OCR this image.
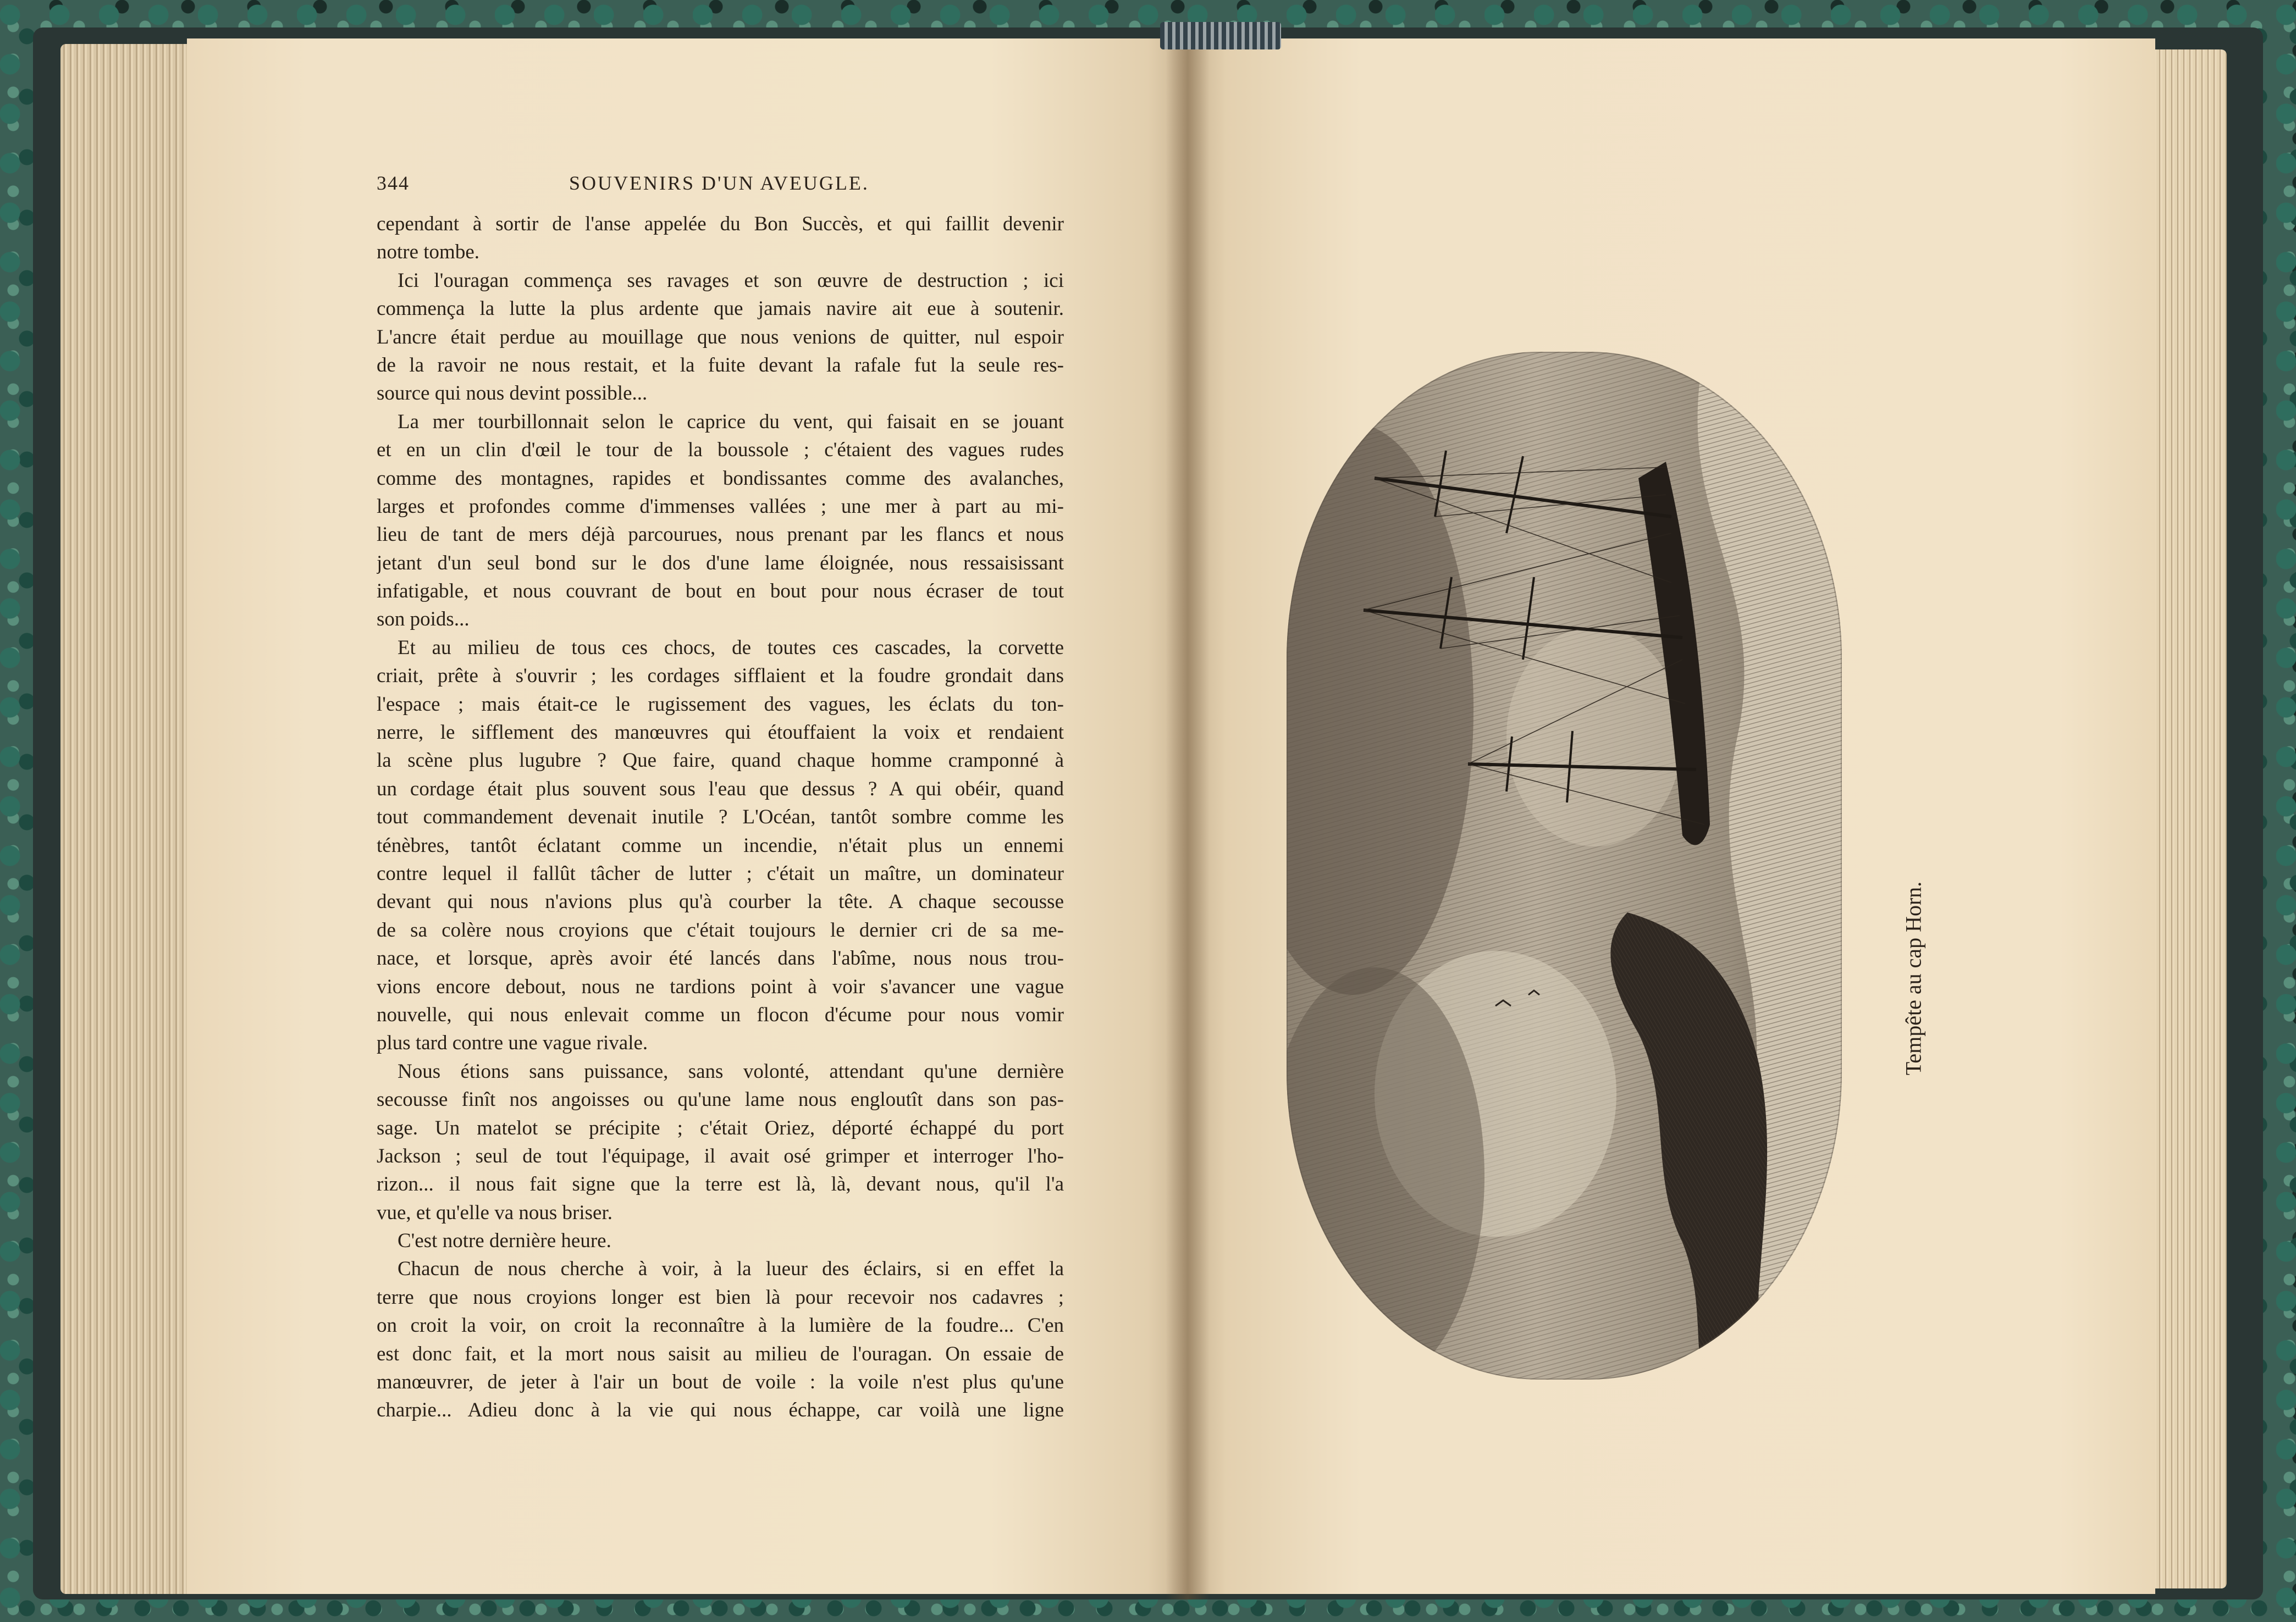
344	SOUVENIRS D'UN AVEUGLE.
cependant à sortir de l'anse appelée du Bon Succès, et qui faillit devenir
notre tombe.
Ici l'ouragan commença ses ravages et son œuvre de destruction ; ici
commença la lutte la plus ardente que jamais navire ait eue à soutenir.
L'ancre était perdue au mouillage que nous venions de quitter, nul espoir
de la ravoir ne nous restait, et la fuite devant la rafale fut la seule res-
source qui nous devint possible...
La mer tourbillonnait selon le caprice du vent, qui faisait en se jouant
et en un clin d'œil le tour de la boussole ; c'étaient des vagues rudes
comme des montagnes, rapides et bondissantes comme des avalanches,
larges et profondes comme d'immenses vallées ; une mer à part au mi-
lieu de tant de mers déjà parcourues, nous prenant par les flancs et nous
jetant d'un seul bond sur le dos d'une lame éloignée, nous ressaisissant
infatigable, et nous couvrant de bout en bout pour nous écraser de tout
son poids...
Et au milieu de tous ces chocs, de toutes ces cascades, la corvette
criait, prête à s'ouvrir ; les cordages sifflaient et la foudre grondait dans
l'espace ; mais était-ce le rugissement des vagues, les éclats du ton-
nerre, le sifflement des manœuvres qui étouffaient la voix et rendaient
la scène plus lugubre ? Que faire, quand chaque homme cramponné à
un cordage était plus souvent sous l'eau que dessus ? A qui obéir, quand
tout commandement devenait inutile ? L'Océan, tantôt sombre comme les
ténèbres, tantôt éclatant comme un incendie, n'était plus un ennemi
contre lequel il fallût tâcher de lutter ; c'était un maître, un dominateur
devant qui nous n'avions plus qu'à courber la tête. A chaque secousse
de sa colère nous croyions que c'était toujours le dernier cri de sa me-
nace, et lorsque, après avoir été lancés dans l'abîme, nous nous trou-
vions encore debout, nous ne tardions point à voir s'avancer une vague
nouvelle, qui nous enlevait comme un flocon d'écume pour nous vomir
plus tard contre une vague rivale.
Nous étions sans puissance, sans volonté, attendant qu'une dernière
secousse finît nos angoisses ou qu'une lame nous engloutît dans son pas-
sage. Un matelot se précipite ; c'était Oriez, déporté échappé du port
Jackson ; seul de tout l'équipage, il avait osé grimper et interroger l'ho-
rizon... il nous fait signe que la terre est là, là, devant nous, qu'il l'a
vue, et qu'elle va nous briser.
C'est notre dernière heure.
Chacun de nous cherche à voir, à la lueur des éclairs, si en effet la
terre que nous croyions longer est bien là pour recevoir nos cadavres ;
on croit la voir, on croit la reconnaître à la lumière de la foudre... C'en
est donc fait, et la mort nous saisit au milieu de l'ouragan. On essaie de
manœuvrer, de jeter à l'air un bout de voile : la voile n'est plus qu'une
charpie... Adieu donc à la vie qui nous échappe, car voilà une ligne
Tempête au cap Horn.
